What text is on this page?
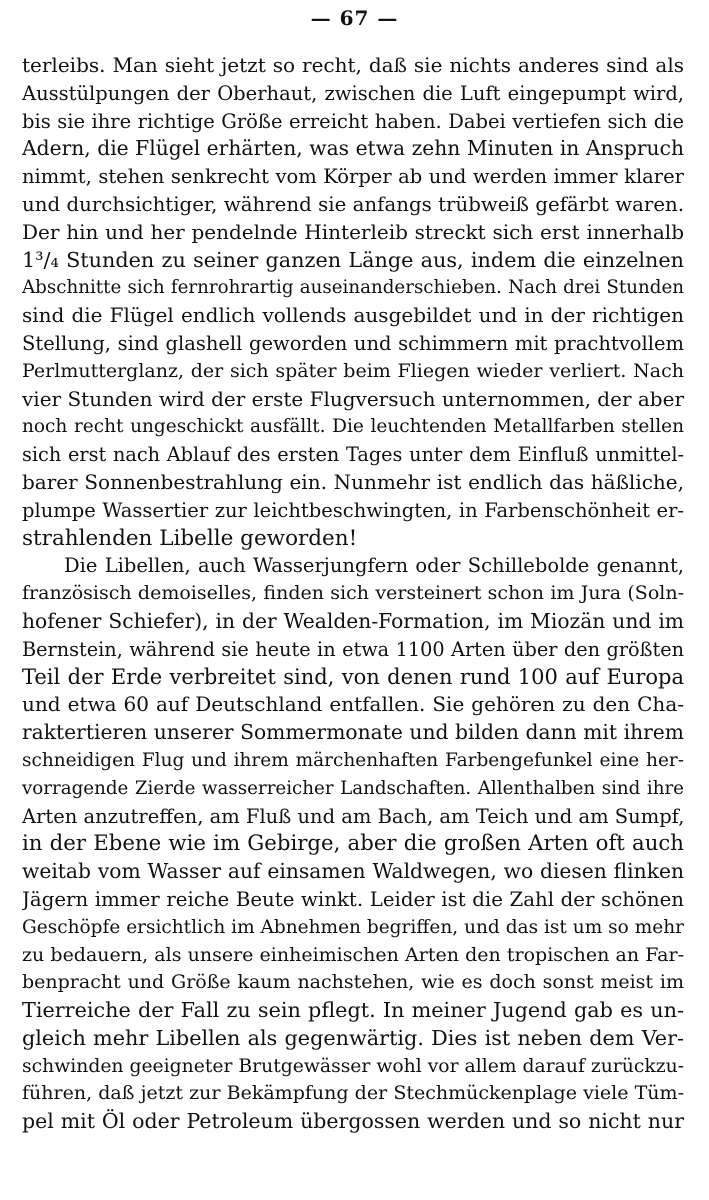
— 67 —
terleibs. Man sieht jetzt so recht, daß sie nichts anderes sind als
Ausstülpungen der Oberhaut, zwischen die Luft eingepumpt wird,
bis sie ihre richtige Größe erreicht haben. Dabei vertiefen sich die
Adern, die Flügel erhärten, was etwa zehn Minuten in Anspruch
nimmt, stehen senkrecht vom Körper ab und werden immer klarer
und durchsichtiger, während sie anfangs trübweiß gefärbt waren.
Der hin und her pendelnde Hinterleib streckt sich erst innerhalb
1³/₄ Stunden zu seiner ganzen Länge aus, indem die einzelnen
Abschnitte sich fernrohrartig auseinanderschieben. Nach drei Stunden
sind die Flügel endlich vollends ausgebildet und in der richtigen
Stellung, sind glashell geworden und schimmern mit prachtvollem
Perlmutterglanz, der sich später beim Fliegen wieder verliert. Nach
vier Stunden wird der erste Flugversuch unternommen, der aber
noch recht ungeschickt ausfällt. Die leuchtenden Metallfarben stellen
sich erst nach Ablauf des ersten Tages unter dem Einfluß unmittel-
barer Sonnenbestrahlung ein. Nunmehr ist endlich das häßliche,
plumpe Wassertier zur leichtbeschwingten, in Farbenschönheit er-
strahlenden Libelle geworden!
Die Libellen, auch Wasserjungfern oder Schillebolde genannt,
französisch demoiselles, finden sich versteinert schon im Jura (Soln-
hofener Schiefer), in der Wealden-Formation, im Miozän und im
Bernstein, während sie heute in etwa 1100 Arten über den größten
Teil der Erde verbreitet sind, von denen rund 100 auf Europa
und etwa 60 auf Deutschland entfallen. Sie gehören zu den Cha-
raktertieren unserer Sommermonate und bilden dann mit ihrem
schneidigen Flug und ihrem märchenhaften Farbengefunkel eine her-
vorragende Zierde wasserreicher Landschaften. Allenthalben sind ihre
Arten anzutreffen, am Fluß und am Bach, am Teich und am Sumpf,
in der Ebene wie im Gebirge, aber die großen Arten oft auch
weitab vom Wasser auf einsamen Waldwegen, wo diesen flinken
Jägern immer reiche Beute winkt. Leider ist die Zahl der schönen
Geschöpfe ersichtlich im Abnehmen begriffen, und das ist um so mehr
zu bedauern, als unsere einheimischen Arten den tropischen an Far-
benpracht und Größe kaum nachstehen, wie es doch sonst meist im
Tierreiche der Fall zu sein pflegt. In meiner Jugend gab es un-
gleich mehr Libellen als gegenwärtig. Dies ist neben dem Ver-
schwinden geeigneter Brutgewässer wohl vor allem darauf zurückzu-
führen, daß jetzt zur Bekämpfung der Stechmückenplage viele Tüm-
pel mit Öl oder Petroleum übergossen werden und so nicht nur
